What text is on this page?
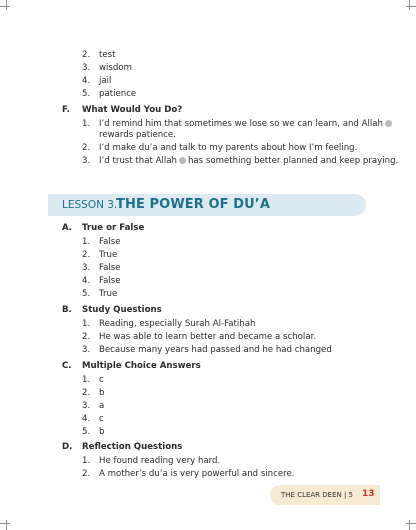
2. test
3. wisdom
4. jail
5. patience
F. What Would You Do?
1. I’d remind him that sometimes we lose so we can learn, and Allah
rewards patience.
2. I’d make du’a and talk to my parents about how I’m feeling.
3. I’d trust that Allah has something better planned and keep praying.
LESSON 3.
THE POWER OF DU’A
A. True or False
1. False
2. True
3. False
4. False
5. True
B. Study Questions
1. Reading, especially Surah Al-Fatiḥah
2. He was able to learn better and became a scholar.
3. Because many years had passed and he had changed
C. Multiple Choice Answers
1. c
2. b
3. a
4. c
5. b
D. Reflection Questions
1. He found reading very hard.
2. A mother’s du’a is very powerful and sincere.
THE CLEAR DEEN | 5 13
